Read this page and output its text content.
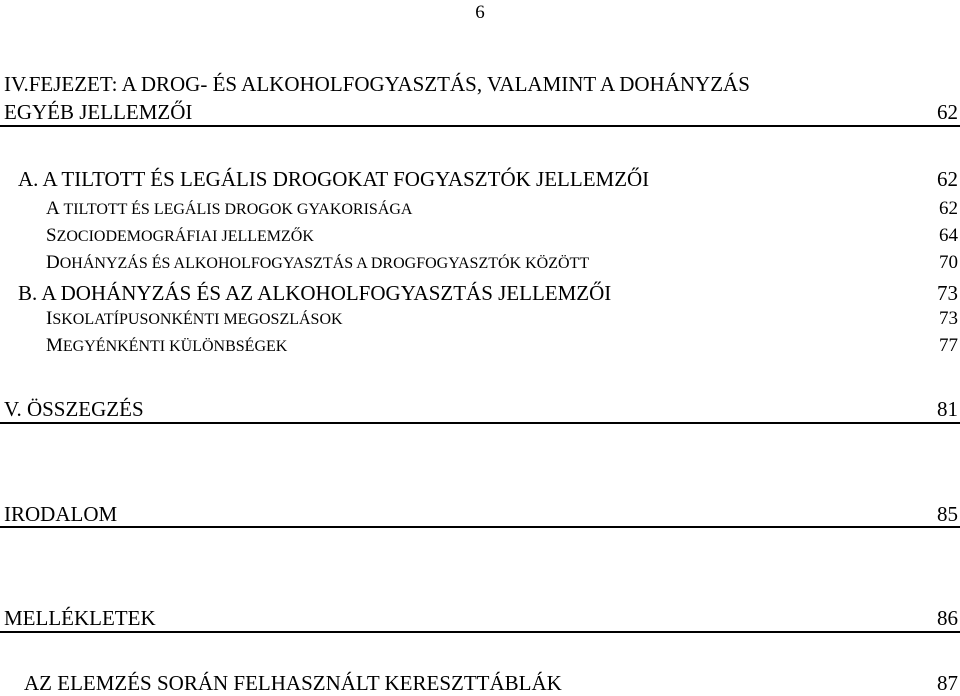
6
IV.FEJEZET: A DROG- ÉS ALKOHOLFOGYASZTÁS, VALAMINT A DOHÁNYZÁS
EGYÉB JELLEMZŐI	62
A. A TILTOTT ÉS LEGÁLIS DROGOKAT FOGYASZTÓK JELLEMZŐI	62
A TILTOTT ÉS LEGÁLIS DROGOK GYAKORISÁGA	62
SZOCIODEMOGRÁFIAI JELLEMZŐK	64
DOHÁNYZÁS ÉS ALKOHOLFOGYASZTÁS A DROGFOGYASZTÓK KÖZÖTT	70
B. A DOHÁNYZÁS ÉS AZ ALKOHOLFOGYASZTÁS JELLEMZŐI	73
ISKOLATÍPUSONKÉNTI MEGOSZLÁSOK	73
MEGYÉNKÉNTI KÜLÖNBSÉGEK	77
V. ÖSSZEGZÉS	81
IRODALOM	85
MELLÉKLETEK	86
AZ ELEMZÉS SORÁN FELHASZNÁLT KERESZTTÁBLÁK	87
